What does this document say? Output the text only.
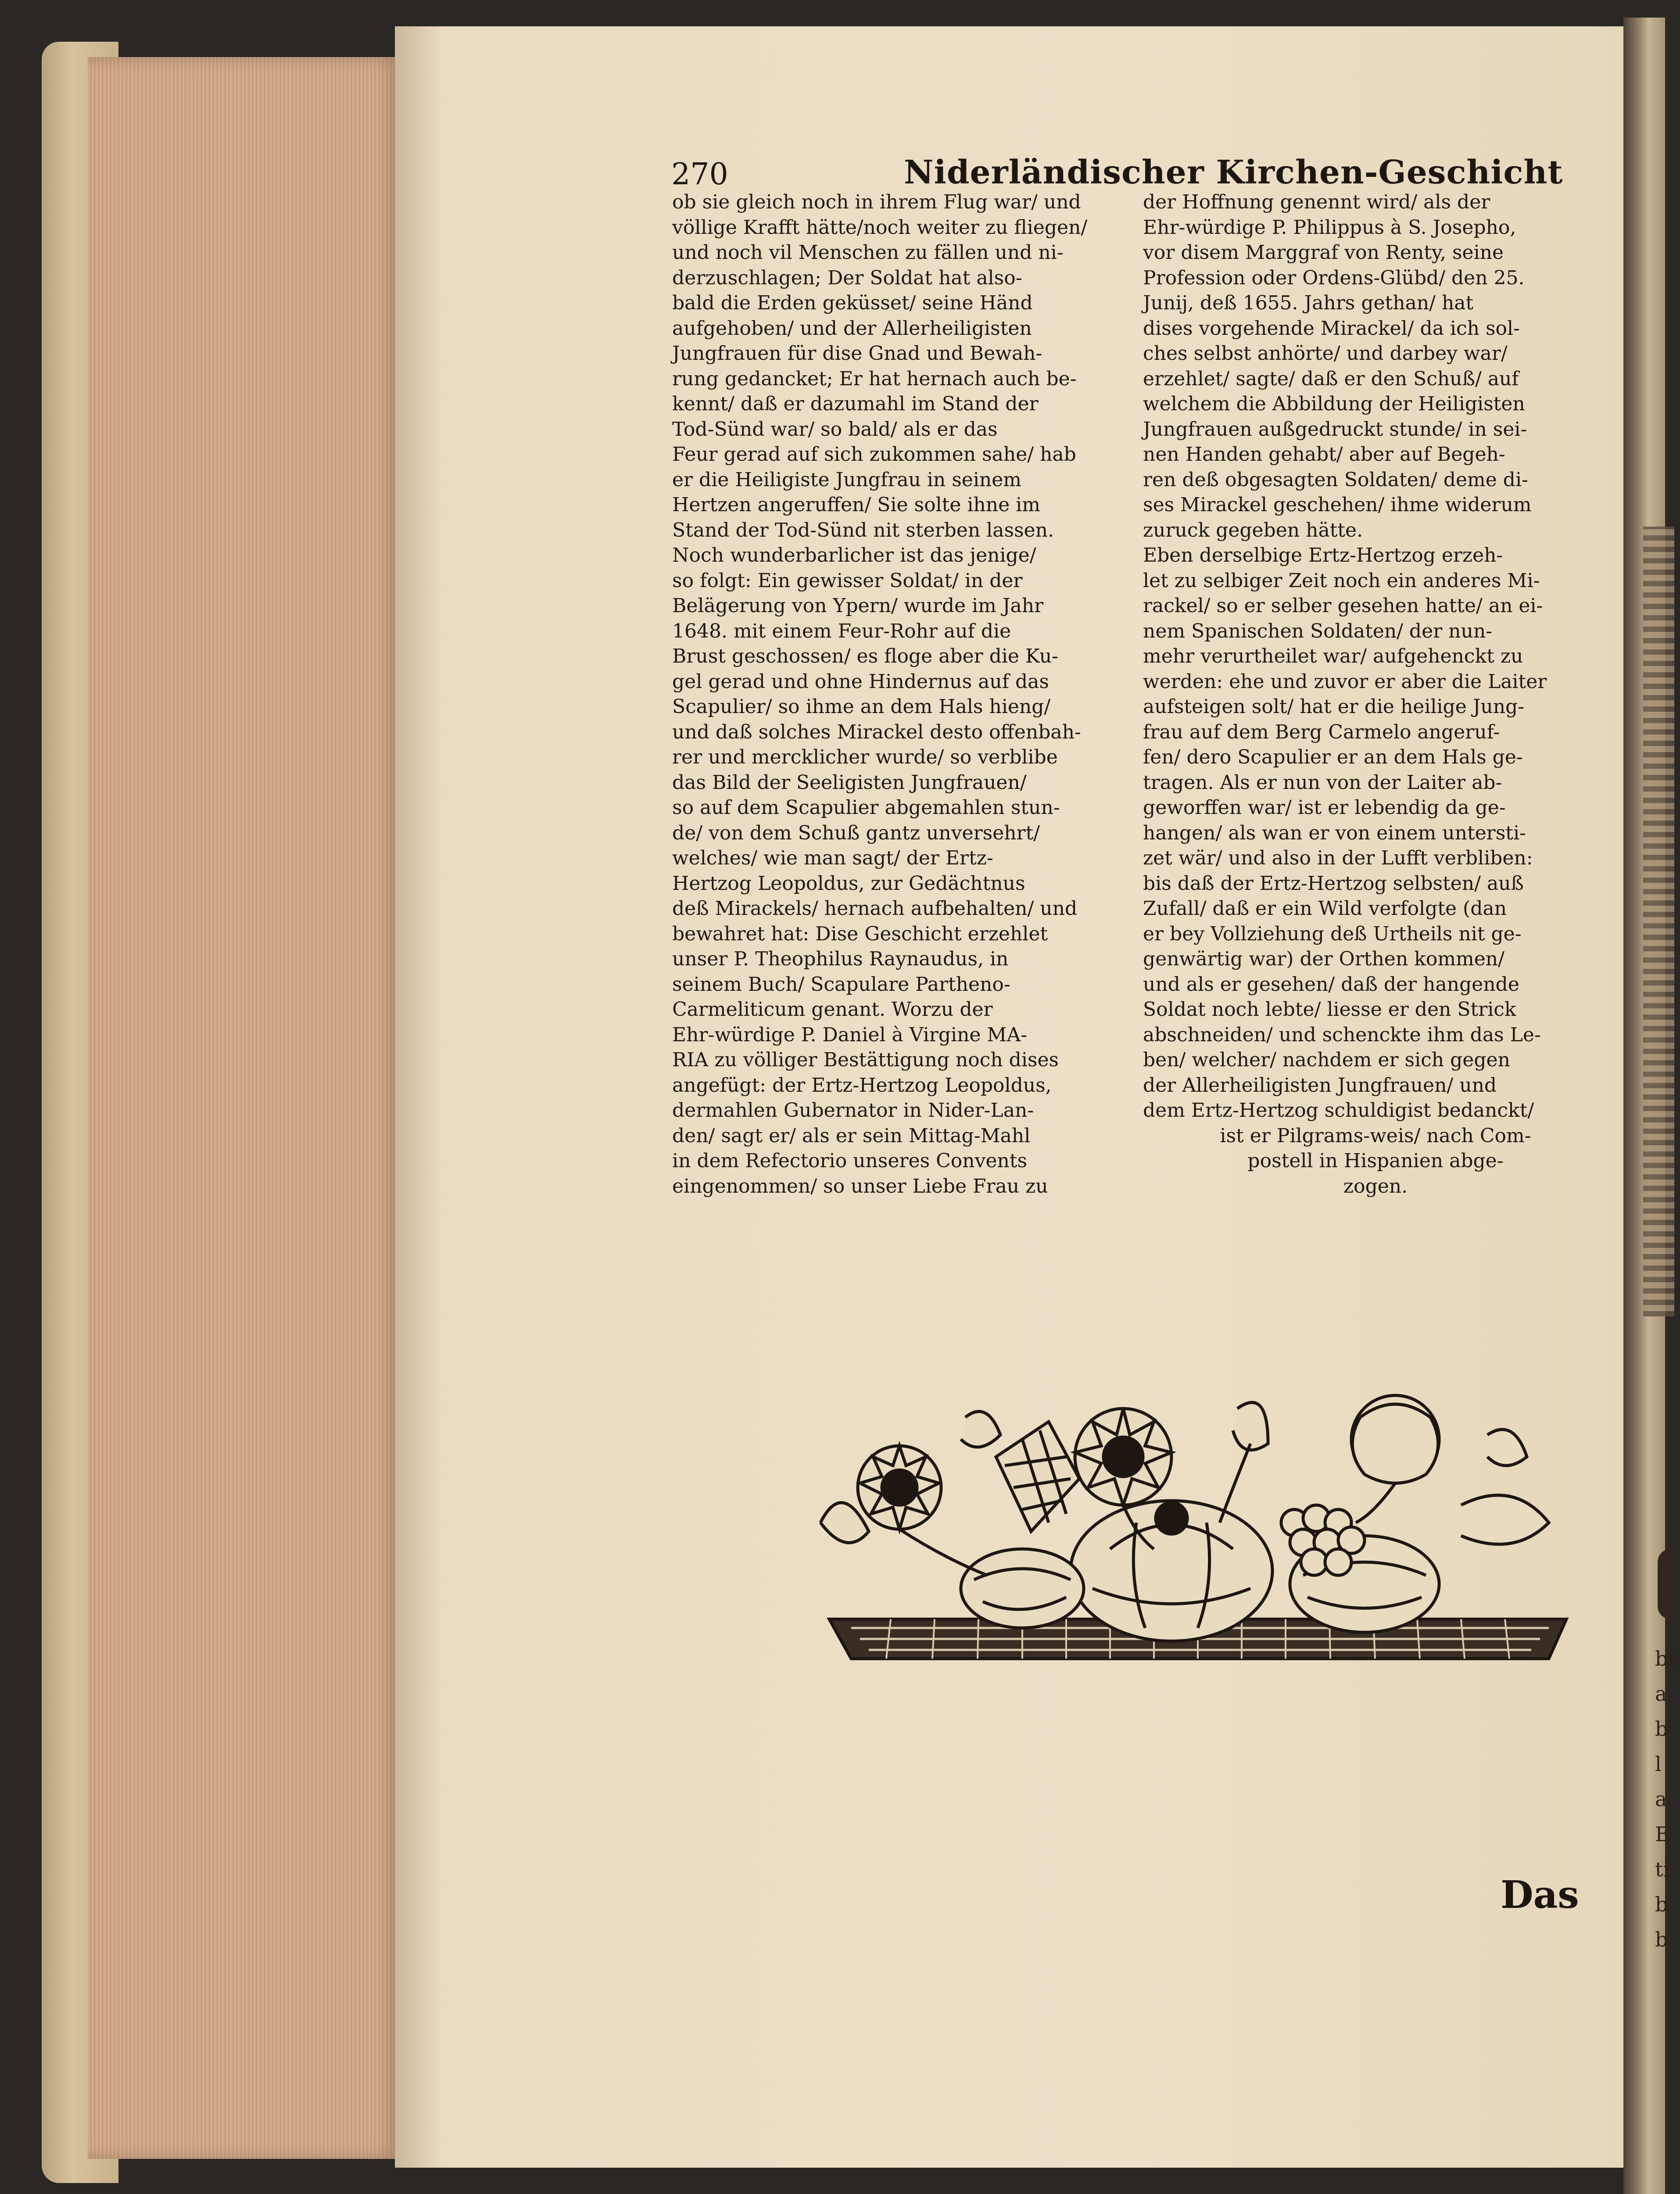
be
a
b
l
a
E
ti
b
b
270	Niderländischer Kirchen-Geschicht
ob sie gleich noch in ihrem Flug war/ und
völlige Krafft hätte/noch weiter zu fliegen/
und noch vil Menschen zu fällen und ni-
derzuschlagen; Der Soldat hat also-
bald die Erden geküsset/ seine Händ
aufgehoben/ und der Allerheiligisten
Jungfrauen für dise Gnad und Bewah-
rung gedancket; Er hat hernach auch be-
kennt/ daß er dazumahl im Stand der
Tod-Sünd war/ so bald/ als er das
Feur gerad auf sich zukommen sahe/ hab
er die Heiligiste Jungfrau in seinem
Hertzen angeruffen/ Sie solte ihne im
Stand der Tod-Sünd nit sterben lassen.
Noch wunderbarlicher ist das jenige/
so folgt: Ein gewisser Soldat/ in der
Belägerung von Ypern/ wurde im Jahr
1648. mit einem Feur-Rohr auf die
Brust geschossen/ es floge aber die Ku-
gel gerad und ohne Hindernus auf das
Scapulier/ so ihme an dem Hals hieng/
und daß solches Mirackel desto offenbah-
rer und mercklicher wurde/ so verblibe
das Bild der Seeligisten Jungfrauen/
so auf dem Scapulier abgemahlen stun-
de/ von dem Schuß gantz unversehrt/
welches/ wie man sagt/ der Ertz-
Hertzog Leopoldus, zur Gedächtnus
deß Mirackels/ hernach aufbehalten/ und
bewahret hat: Dise Geschicht erzehlet
unser P. Theophilus Raynaudus, in
seinem Buch/ Scapulare Partheno-
Carmeliticum genant. Worzu der
Ehr-würdige P. Daniel à Virgine MA-
RIA zu völliger Bestättigung noch dises
angefügt: der Ertz-Hertzog Leopoldus,
dermahlen Gubernator in Nider-Lan-
den/ sagt er/ als er sein Mittag-Mahl
in dem Refectorio unseres Convents
eingenommen/ so unser Liebe Frau zu
der Hoffnung genennt wird/ als der
Ehr-würdige P. Philippus à S. Josepho,
vor disem Marggraf von Renty, seine
Profession oder Ordens-Glübd/ den 25.
Junij, deß 1655. Jahrs gethan/ hat
dises vorgehende Mirackel/ da ich sol-
ches selbst anhörte/ und darbey war/
erzehlet/ sagte/ daß er den Schuß/ auf
welchem die Abbildung der Heiligisten
Jungfrauen außgedruckt stunde/ in sei-
nen Handen gehabt/ aber auf Begeh-
ren deß obgesagten Soldaten/ deme di-
ses Mirackel geschehen/ ihme widerum
zuruck gegeben hätte.
Eben derselbige Ertz-Hertzog erzeh-
let zu selbiger Zeit noch ein anderes Mi-
rackel/ so er selber gesehen hatte/ an ei-
nem Spanischen Soldaten/ der nun-
mehr verurtheilet war/ aufgehenckt zu
werden: ehe und zuvor er aber die Laiter
aufsteigen solt/ hat er die heilige Jung-
frau auf dem Berg Carmelo angeruf-
fen/ dero Scapulier er an dem Hals ge-
tragen. Als er nun von der Laiter ab-
geworffen war/ ist er lebendig da ge-
hangen/ als wan er von einem untersti-
zet wär/ und also in der Lufft verbliben:
bis daß der Ertz-Hertzog selbsten/ auß
Zufall/ daß er ein Wild verfolgte (dan
er bey Vollziehung deß Urtheils nit ge-
genwärtig war) der Orthen kommen/
und als er gesehen/ daß der hangende
Soldat noch lebte/ liesse er den Strick
abschneiden/ und schenckte ihm das Le-
ben/ welcher/ nachdem er sich gegen
der Allerheiligisten Jungfrauen/ und
dem Ertz-Hertzog schuldigist bedanckt/
ist er Pilgrams-weis/ nach Com-
postell in Hispanien abge-
zogen.
Das
